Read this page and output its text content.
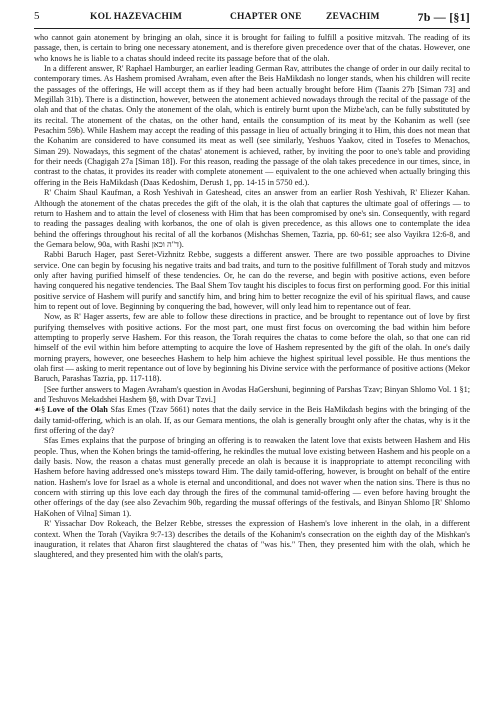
5	KOL HAZEVACHIM	CHAPTER ONE	ZEVACHIM	7b — [§1]

who cannot gain atonement by bringing an olah, since it is brought for failing to fulfill a positive mitzvah. The reading of its passage, then, is certain to bring one necessary atonement, and is therefore given precedence over that of the chatas. However, one who knows he is liable to a chatas should indeed recite its passage before that of the olah.

In a different answer, R' Raphael Hamburger, an earlier leading German Rav, attributes the change of order in our daily recital to contemporary times. As Hashem promised Avraham, even after the Beis HaMikdash no longer stands, when his children will recite the passages of the offerings, He will accept them as if they had been actually brought before Him (Taanis 27b [Siman 73] and Megillah 31b). There is a distinction, however, between the atonement achieved nowadays through the recital of the passage of the olah and that of the chatas. Only the atonement of the olah, which is entirely burnt upon the Mizbe'ach, can be fully substituted by its recital. The atonement of the chatas, on the other hand, entails the consumption of its meat by the Kohanim as well (see Pesachim 59b). While Hashem may accept the reading of this passage in lieu of actually bringing it to Him, this does not mean that the Kohanim are considered to have consumed its meat as well (see similarly, Yeshuos Yaakov, cited in Tosefes to Menachos, Siman 29). Nowadays, this segment of the chatas' atonement is achieved, rather, by inviting the poor to one's table and providing for their needs (Chagigah 27a [Siman 18]). For this reason, reading the passage of the olah takes precedence in our times, since, in contrast to the chatas, it provides its reader with complete atonement — equivalent to the one achieved when actually bringing this offering in the Beis HaMikdash (Daas Kedoshim, Derush 1, pp. 14-15 in 5750 ed.).

R' Chaim Shaul Kaufman, a Rosh Yeshivah in Gateshead, cites an answer from an earlier Rosh Yeshivah, R' Eliezer Kahan. Although the atonement of the chatas precedes the gift of the olah, it is the olah that captures the ultimate goal of offerings — to return to Hashem and to attain the level of closeness with Him that has been compromised by one's sin. Consequently, with regard to reading the passages dealing with korbanos, the one of olah is given precedence, as this allows one to contemplate the idea behind the offerings throughout his recital of all the korbanos (Mishchas Shemen, Tazria, pp. 60-61; see also Vayikra 12:6-8, and the Gemara below, 90a, with Rashi ד"ה וכאן).

Rabbi Baruch Hager, past Seret-Vizhnitz Rebbe, suggests a different answer. There are two possible approaches to Divine service. One can begin by focusing his negative traits and bad traits, and turn to the positive fulfillment of Torah study and mitzvos only after having purified himself of these tendencies. Or, he can do the reverse, and begin with positive actions, even before having conquered his negative tendencies. The Baal Shem Tov taught his disciples to focus first on performing good. For this initial positive service of Hashem will purify and sanctify him, and bring him to better recognize the evil of his spiritual flaws, and cause him to repent out of love. Beginning by conquering the bad, however, will only lead him to repentance out of fear.

Now, as R' Hager asserts, few are able to follow these directions in practice, and be brought to repentance out of love by first purifying themselves with positive actions. For the most part, one must first focus on overcoming the bad within him before attempting to properly serve Hashem. For this reason, the Torah requires the chatas to come before the olah, so that one can rid himself of the evil within him before attempting to acquire the love of Hashem represented by the gift of the olah. In one's daily morning prayers, however, one beseeches Hashem to help him achieve the highest spiritual level possible. He thus mentions the olah first — asking to merit repentance out of love by beginning his Divine service with the performance of positive actions (Mekor Baruch, Parashas Tazria, pp. 117-118).

[See further answers to Magen Avraham's question in Avodas HaGershuni, beginning of Parshas Tzav; Binyan Shlomo Vol. 1 §1; and Teshuvos Mekadshei Hashem §8, with Dvar Tzvi.]

☙§ Love of the Olah Sfas Emes (Tzav 5661) notes that the daily service in the Beis HaMikdash begins with the bringing of the daily tamid-offering, which is an olah. If, as our Gemara mentions, the olah is generally brought only after the chatas, why is it the first offering of the day?

Sfas Emes explains that the purpose of bringing an offering is to reawaken the latent love that exists between Hashem and His people. Thus, when the Kohen brings the tamid-offering, he rekindles the mutual love existing between Hashem and his people on a daily basis. Now, the reason a chatas must generally precede an olah is because it is inappropriate to attempt reconciling with Hashem before having addressed one's missteps toward Him. The daily tamid-offering, however, is brought on behalf of the entire nation. Hashem's love for Israel as a whole is eternal and unconditional, and does not waver when the nation sins. There is thus no concern with stirring up this love each day through the fires of the communal tamid-offering — even before having brought the other offerings of the day (see also Zevachim 90b, regarding the mussaf offerings of the festivals, and Binyan Shlomo [R' Shlomo HaKohen of Vilna] Siman 1).

R' Yissachar Dov Rokeach, the Belzer Rebbe, stresses the expression of Hashem's love inherent in the olah, in a different context. When the Torah (Vayikra 9:7-13) describes the details of the Kohanim's consecration on the eighth day of the Mishkan's inauguration, it relates that Aharon first slaughtered the chatas of "was his." Then, they presented him with the olah, which he slaughtered, and they presented him with the olah's parts,
